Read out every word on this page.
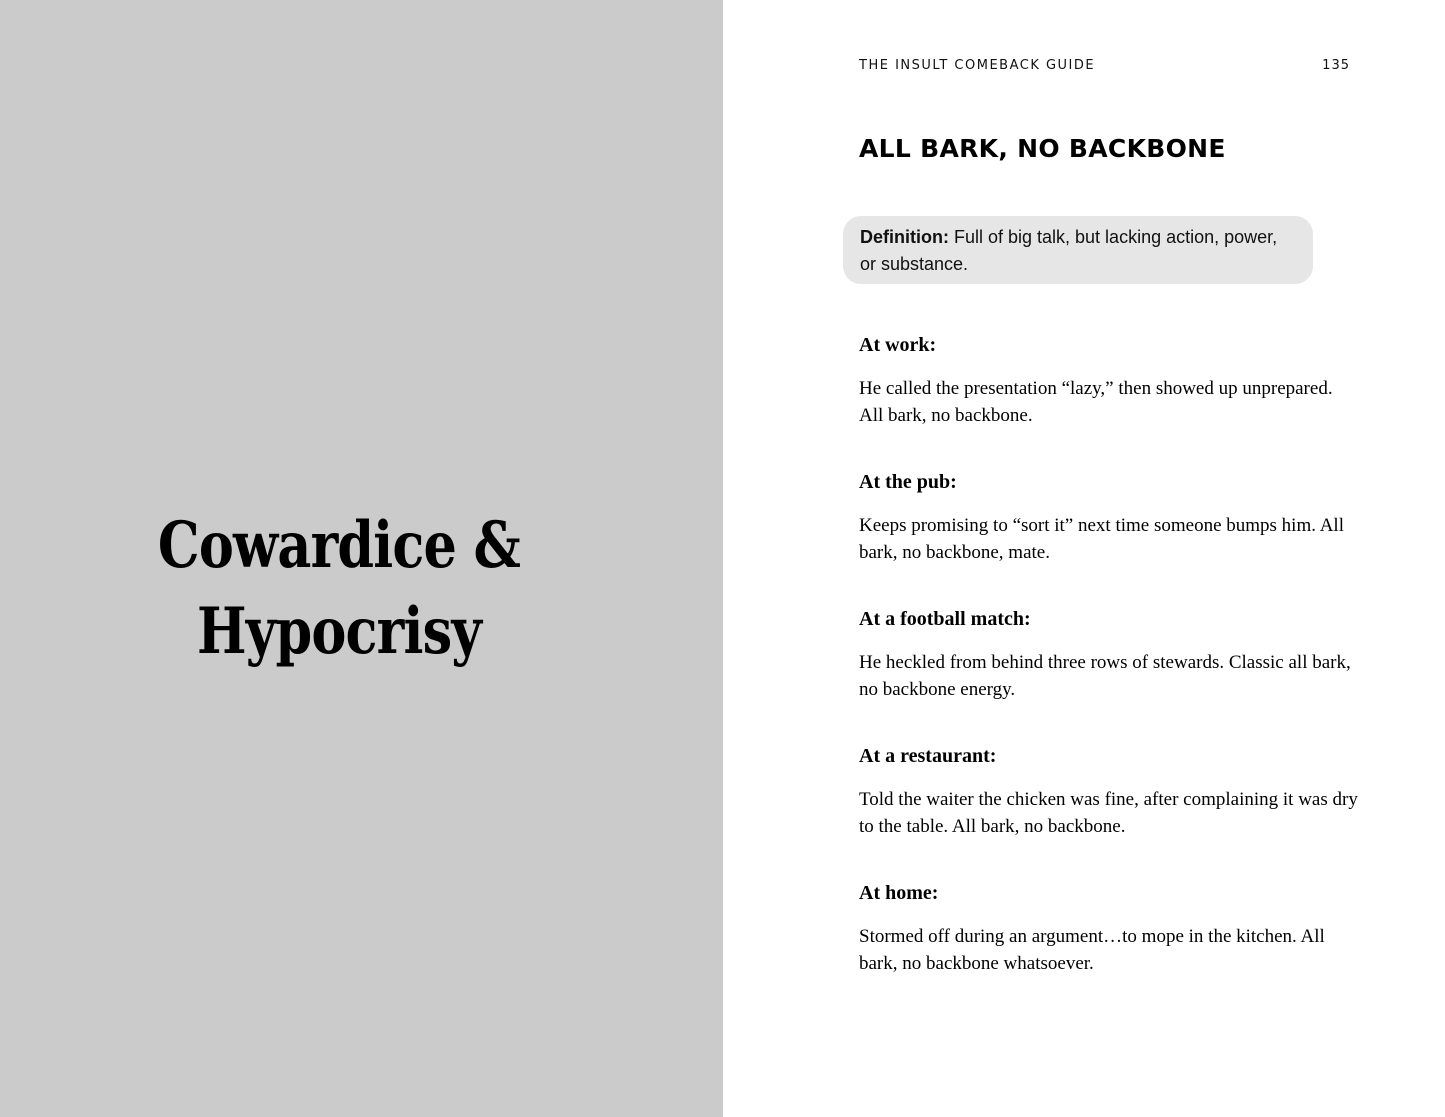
Cowardice &
Hypocrisy
THE INSULT COMEBACK GUIDE	135
ALL BARK, NO BACKBONE
Definition: Full of big talk, but lacking action, power, or substance.

At work:

He called the presentation “lazy,” then showed up unprepared. All bark, no backbone.

At the pub:

Keeps promising to “sort it” next time someone bumps him. All bark, no backbone, mate.

At a football match:

He heckled from behind three rows of stewards. Classic all bark, no backbone energy.

At a restaurant:

Told the waiter the chicken was fine, after complaining it was dry to the table. All bark, no backbone.

At home:

Stormed off during an argument…to mope in the kitchen. All bark, no backbone whatsoever.
